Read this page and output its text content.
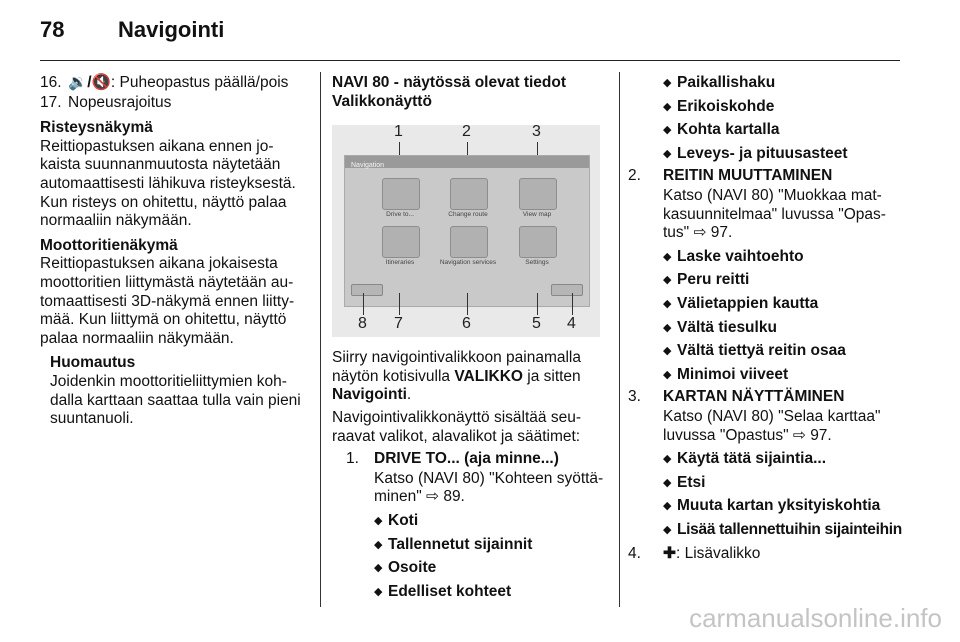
78 Navigointi
16. 🔉/🔇: Puheopastus päällä/pois
17. Nopeusrajoitus

Risteysnäkymä

Reittiopastuksen aikana ennen jo- kaista suunnanmuutosta näytetään automaattisesti lähikuva risteyksestä. Kun risteys on ohitettu, näyttö palaa normaaliin näkymään.

Moottoritienäkymä

Reittiopastuksen aikana jokaisesta moottoritien liittymästä näytetään au- tomaattisesti 3D-näkymä ennen liitty- mää. Kun liittymä on ohitettu, näyttö palaa normaaliin näkymään.

Huomautus

Joidenkin moottoritieliittymien koh- dalla karttaan saattaa tulla vain pieni suuntanuoli.

NAVI 80 - näytössä olevat tiedot

Valikkonäyttö

1	2	3
Navigation
Drive to...	Change route	View map
Itineraries	Navigation services	Settings
8 7	6	5 4

Siirry navigointivalikkoon painamalla näytön kotisivulla VALIKKO ja sitten Navigointi.

Navigointivalikkonäyttö sisältää seu- raavat valikot, alavalikot ja säätimet:

1. DRIVE TO... (aja minne...)

Katso (NAVI 80) "Kohteen syöttä- minen" ⇨ 89.

◆ Koti
◆ Tallennetut sijainnit
◆ Osoite
◆ Edelliset kohteet
◆ Paikallishaku
◆ Erikoiskohde
◆ Kohta kartalla
◆ Leveys- ja pituusasteet
2.	REITIN MUUTTAMINEN

Katso (NAVI 80) "Muokkaa mat- kasuunnitelmaa" luvussa "Opas- tus" ⇨ 97.

◆ Laske vaihtoehto
◆ Peru reitti
◆ Välietappien kautta
◆ Vältä tiesulku
◆ Vältä tiettyä reitin osaa
◆ Minimoi viiveet
3.	KARTAN NÄYTTÄMINEN

Katso (NAVI 80) "Selaa karttaa" luvussa "Opastus" ⇨ 97.

◆ Käytä tätä sijaintia...
◆ Etsi
◆ Muuta kartan yksityiskohtia
◆ Lisää tallennettuihin sijainteihin
4.	✚: Lisävalikko
carmanualsonline.info
